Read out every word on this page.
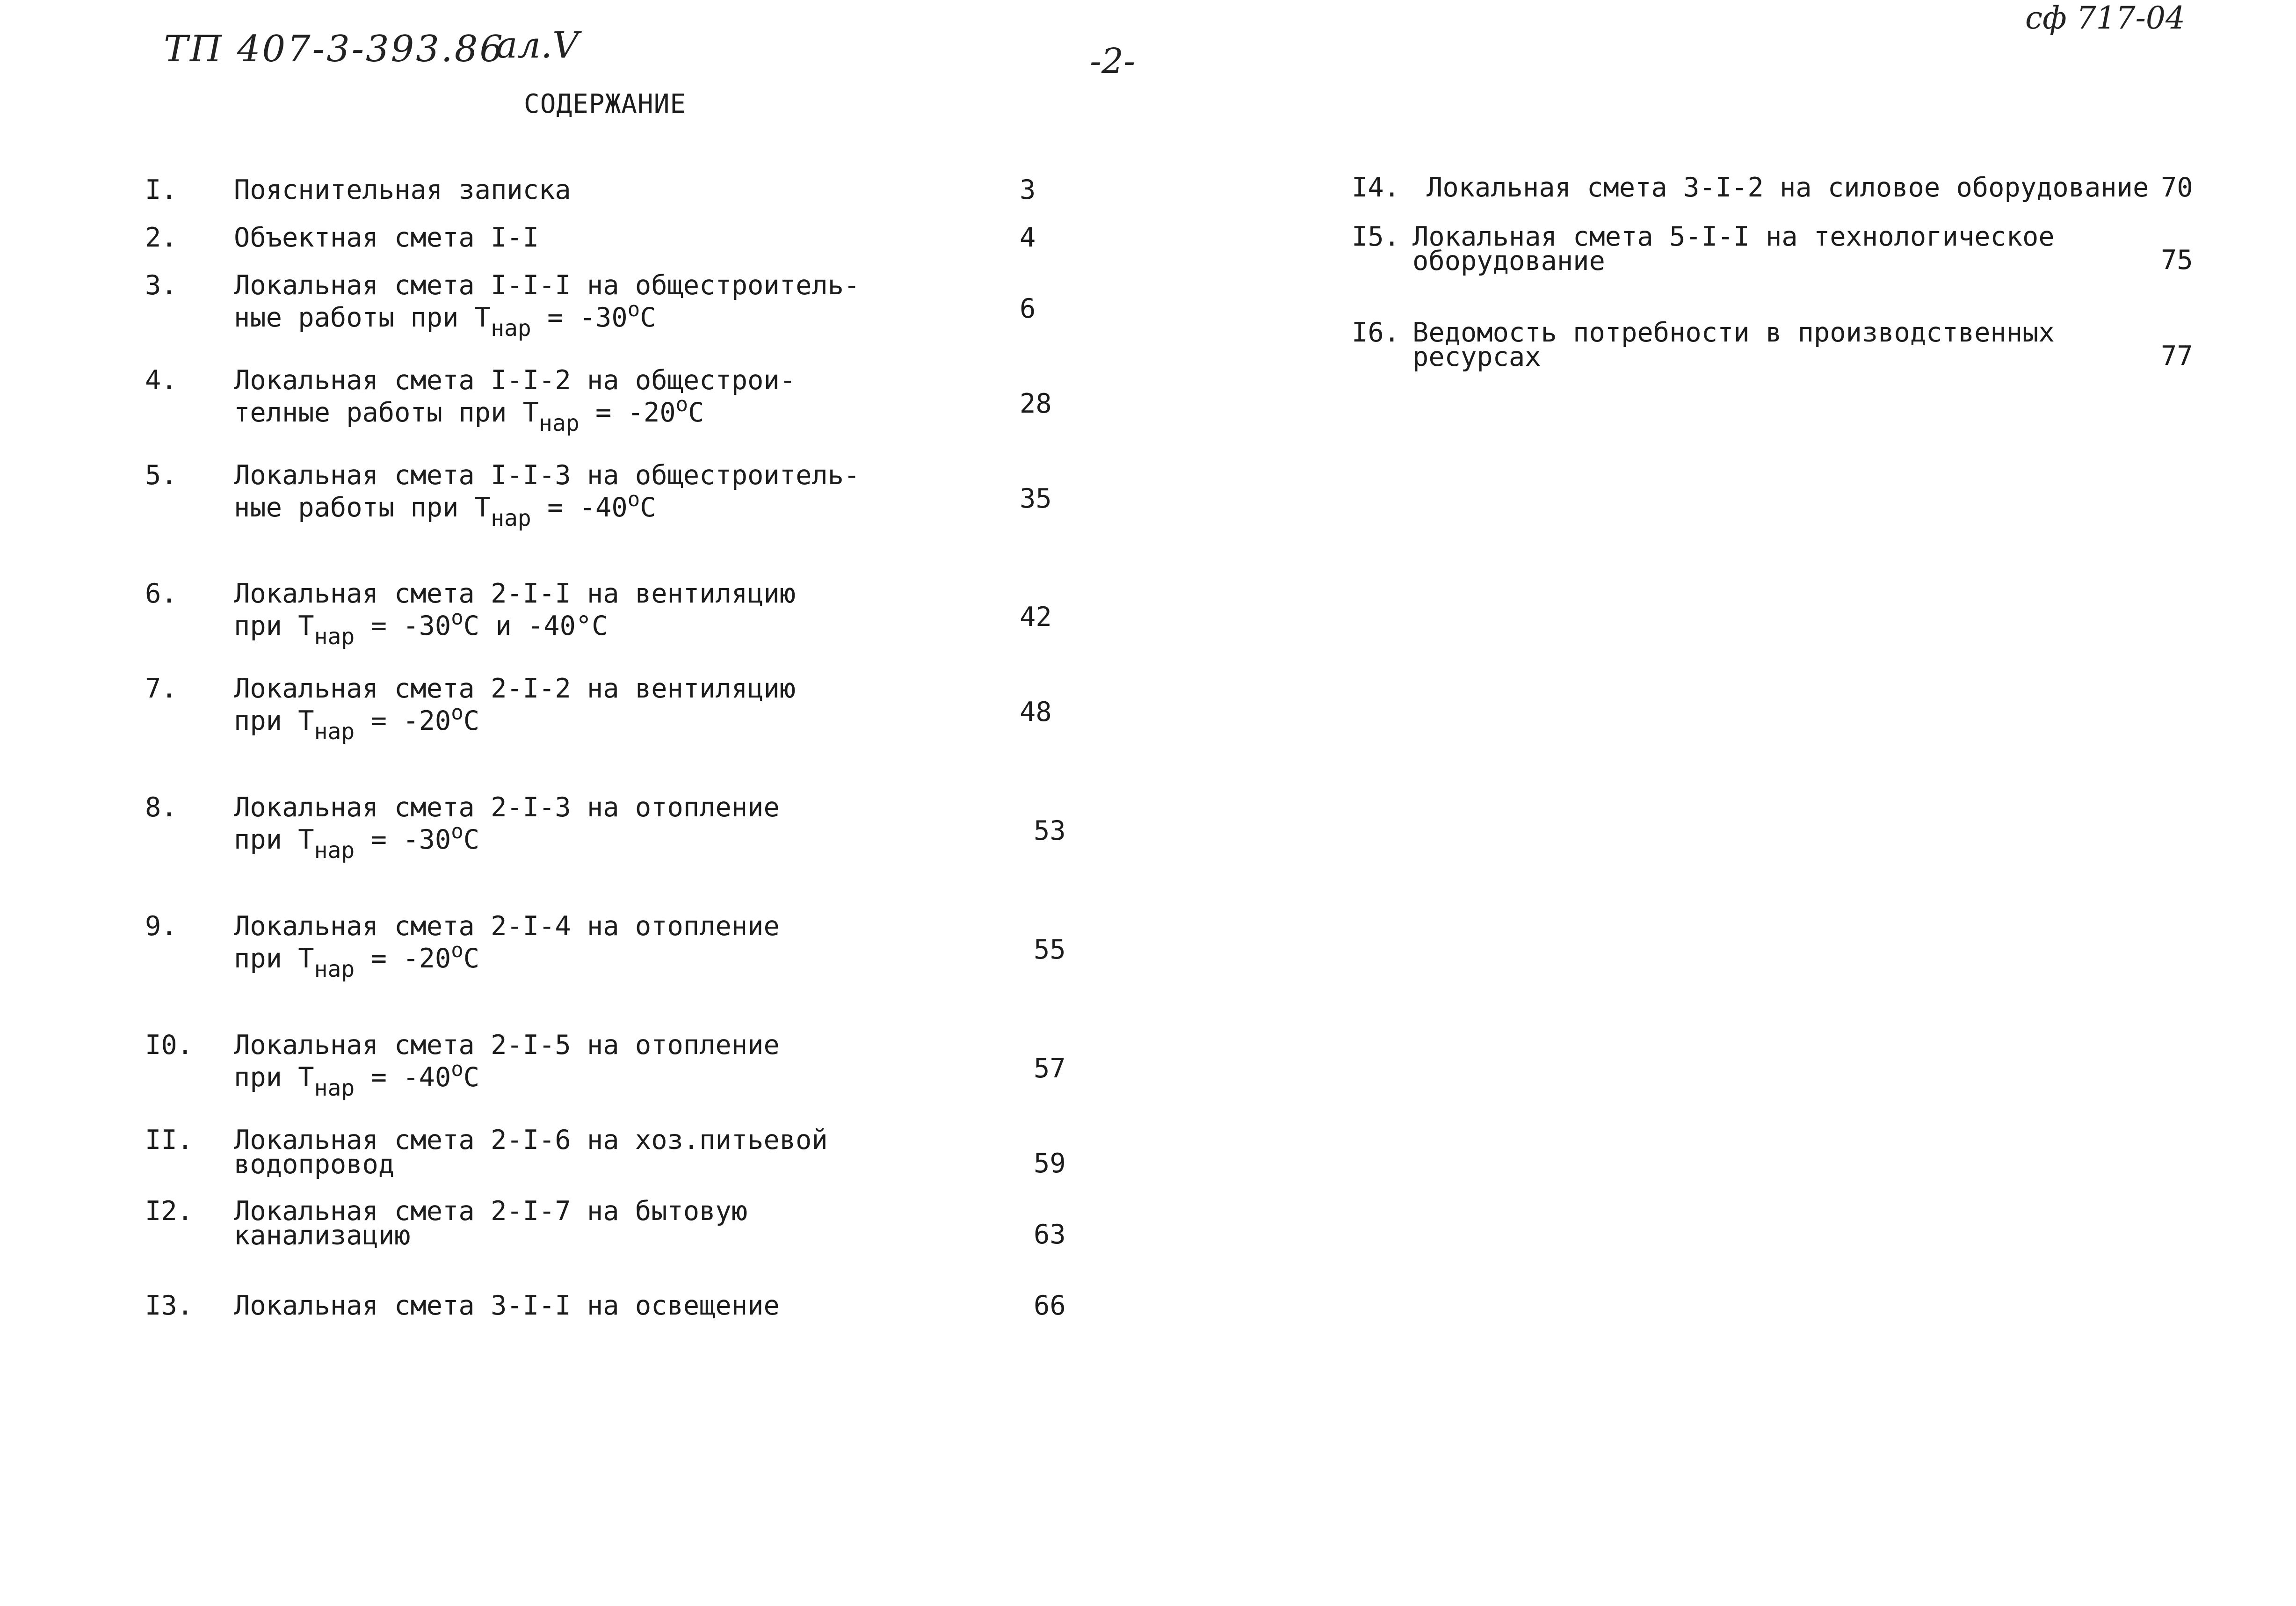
ТП 407-3-393.86
ал.V
сф 717-04
-2-
СОДЕРЖАНИЕ
I. Пояснительная записка	3
2. Объектная смета I-I	4
3. Локальная смета I-I-I на общестроитель-
ные работы при $Т_{нар} = -30^оС$	6
4. Локальная смета I-I-2 на общестрои-
телные работы при $Т_{нар} = -20^оС$	28
5. Локальная смета I-I-3 на общестроитель-
ные работы при $Т_{нар} = -40^оС$	35
6. Локальная смета 2-I-I на вентиляцию
при $Т_{нар} = -30^оС$ и -40°С	42
7. Локальная смета 2-I-2 на вентиляцию
при $Т_{нар} = -20^оС$	48
8. Локальная смета 2-I-3 на отопление
при $Т_{нар} = -30^оС$	53
9. Локальная смета 2-I-4 на отопление
при $Т_{нар} = -20^оС$	55
I0. Локальная смета 2-I-5 на отопление
при $Т_{нар} = -40^оС$	57
II. Локальная смета 2-I-6 на хоз.питьевой
водопровод	59
I2. Локальная смета 2-I-7 на бытовую
канализацию	63
I3. Локальная смета 3-I-I на освещение	66
I4. Локальная смета 3-I-2 на силовое оборудование 70
I5. Локальная смета 5-I-I на технологическое
оборудование	75
I6. Ведомость потребности в производственных
ресурсах	77
